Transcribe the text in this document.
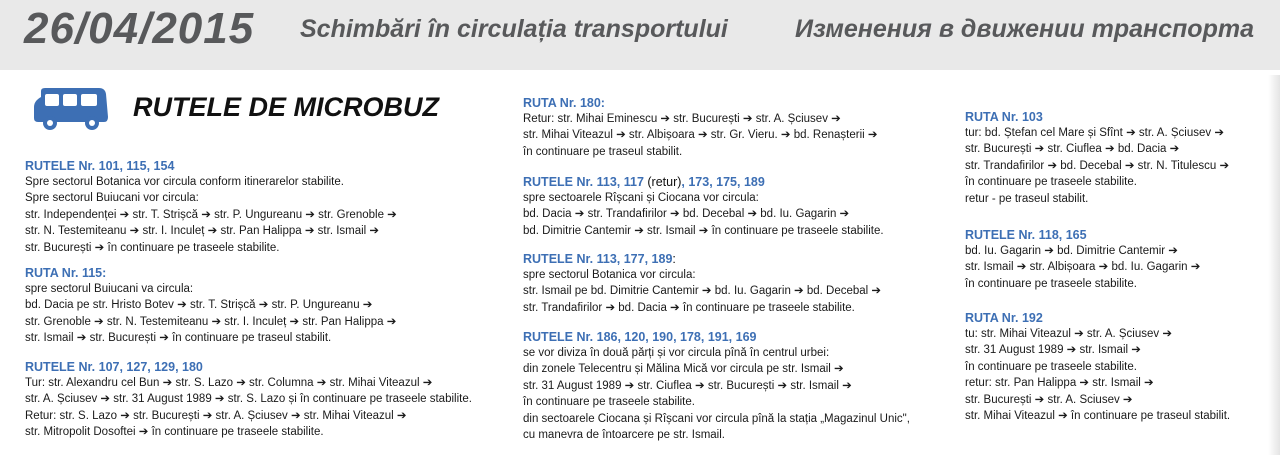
26/04/2015 Schimbări în circulația transportului	Изменения в движении транспорта
RUTELE DE MICROBUZ
RUTELE Nr. 101, 115, 154
Spre sectorul Botanica vor circula conform itinerarelor stabilite.
Spre sectorul Buiucani vor circula:
str. Independenței ➔ str. T. Strișcă ➔ str. P. Ungureanu ➔ str. Grenoble ➔
str. N. Testemiteanu ➔ str. I. Inculeț ➔ str. Pan Halippa ➔ str. Ismail ➔
str. București ➔ în continuare pe traseele stabilite.
RUTA Nr. 115:
spre sectorul Buiucani va circula:
bd. Dacia pe str. Hristo Botev ➔ str. T. Strișcă ➔ str. P. Ungureanu ➔
str. Grenoble ➔ str. N. Testemiteanu ➔ str. I. Inculeț ➔ str. Pan Halippa ➔
str. Ismail ➔ str. București ➔ în continuare pe traseul stabilit.
RUTELE Nr. 107, 127, 129, 180
Tur: str. Alexandru cel Bun ➔ str. S. Lazo ➔ str. Columna ➔ str. Mihai Viteazul ➔
str. A. Șciusev ➔ str. 31 August 1989 ➔ str. S. Lazo și în continuare pe traseele stabilite.
Retur: str. S. Lazo ➔ str. București ➔ str. A. Șciusev ➔ str. Mihai Viteazul ➔
str. Mitropolit Dosoftei ➔ în continuare pe traseele stabilite.
RUTA Nr. 180:
Retur: str. Mihai Eminescu ➔ str. București ➔ str. A. Șciusev ➔
str. Mihai Viteazul ➔ str. Albișoara ➔ str. Gr. Vieru. ➔ bd. Renașterii ➔
în continuare pe traseul stabilit.
RUTELE Nr. 113, 117 (retur), 173, 175, 189
spre sectoarele Rîșcani și Ciocana vor circula:
bd. Dacia ➔ str. Trandafirilor ➔ bd. Decebal ➔ bd. Iu. Gagarin ➔
bd. Dimitrie Cantemir ➔ str. Ismail ➔ în continuare pe traseele stabilite.
RUTELE Nr. 113, 177, 189:
spre sectorul Botanica vor circula:
str. Ismail pe bd. Dimitrie Cantemir ➔ bd. Iu. Gagarin ➔ bd. Decebal ➔
str. Trandafirilor ➔ bd. Dacia ➔ în continuare pe traseele stabilite.
RUTELE Nr. 186, 120, 190, 178, 191, 169
se vor diviza în două părți și vor circula pînă în centrul urbei:
din zonele Telecentru și Mălina Mică vor circula pe str. Ismail ➔
str. 31 August 1989 ➔ str. Ciuflea ➔ str. București ➔ str. Ismail ➔
în continuare pe traseele stabilite.
din sectoarele Ciocana și Rîșcani vor circula pînă la stația „Magazinul Unic",
cu manevra de întoarcere pe str. Ismail.
RUTA Nr. 103
tur: bd. Ștefan cel Mare și Sfînt ➔ str. A. Șciusev ➔
str. București ➔ str. Ciuflea ➔ bd. Dacia ➔
str. Trandafirilor ➔ bd. Decebal ➔ str. N. Titulescu ➔
în continuare pe traseele stabilite.
retur - pe traseul stabilit.
RUTELE Nr. 118, 165
bd. Iu. Gagarin ➔ bd. Dimitrie Cantemir ➔
str. Ismail ➔ str. Albișoara ➔ bd. Iu. Gagarin ➔
în continuare pe traseele stabilite.
RUTA Nr. 192
tu: str. Mihai Viteazul ➔ str. A. Șciusev ➔
str. 31 August 1989 ➔ str. Ismail ➔
în continuare pe traseele stabilite.
retur: str. Pan Halippa ➔ str. Ismail ➔
str. București ➔ str. A. Sciusev ➔
str. Mihai Viteazul ➔ în continuare pe traseul stabilit.
